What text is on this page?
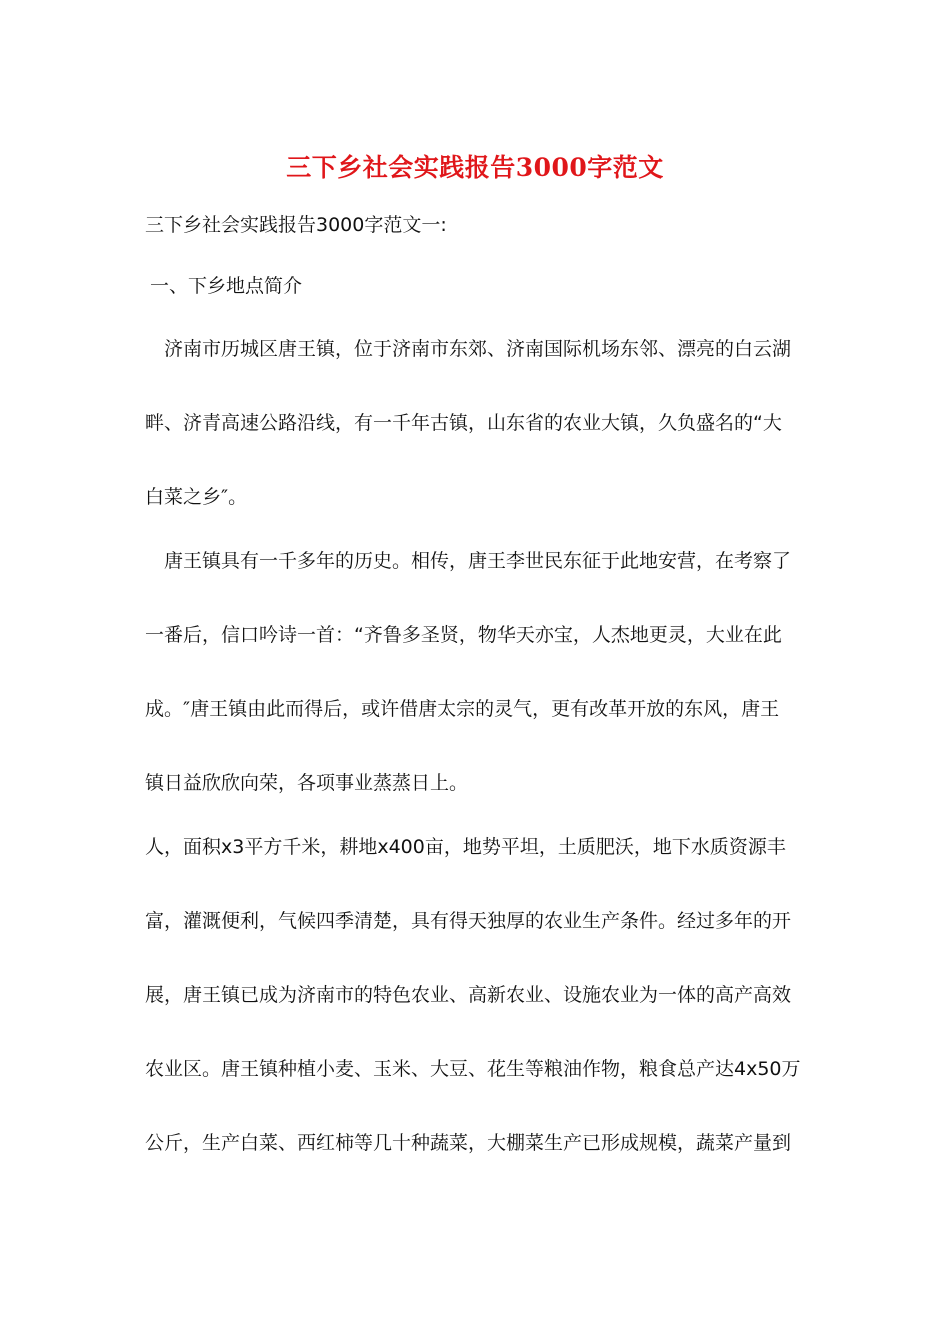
三下乡社会实践报告3000字范文
三下乡社会实践报告3000字范文一:
一、下乡地点简介
　济南市历城区唐王镇，位于济南市东郊、济南国际机场东邻、漂亮的白云湖
畔、济青高速公路沿线，有一千年古镇，山东省的农业大镇，久负盛名的“大
白菜之乡″。
　唐王镇具有一千多年的历史。相传，唐王李世民东征于此地安营，在考察了
一番后，信口吟诗一首：“齐鲁多圣贤，物华天亦宝，人杰地更灵，大业在此
成。″唐王镇由此而得后，或许借唐太宗的灵气，更有改革开放的东风，唐王
镇日益欣欣向荣，各项事业蒸蒸日上。
人，面积x3平方千米，耕地x400亩，地势平坦，土质肥沃，地下水质资源丰
富，灌溉便利，气候四季清楚，具有得天独厚的农业生产条件。经过多年的开
展，唐王镇已成为济南市的特色农业、高新农业、设施农业为一体的高产高效
农业区。唐王镇种植小麦、玉米、大豆、花生等粮油作物，粮食总产达4x50万
公斤，生产白菜、西红柿等几十种蔬菜，大棚菜生产已形成规模，蔬菜产量到
